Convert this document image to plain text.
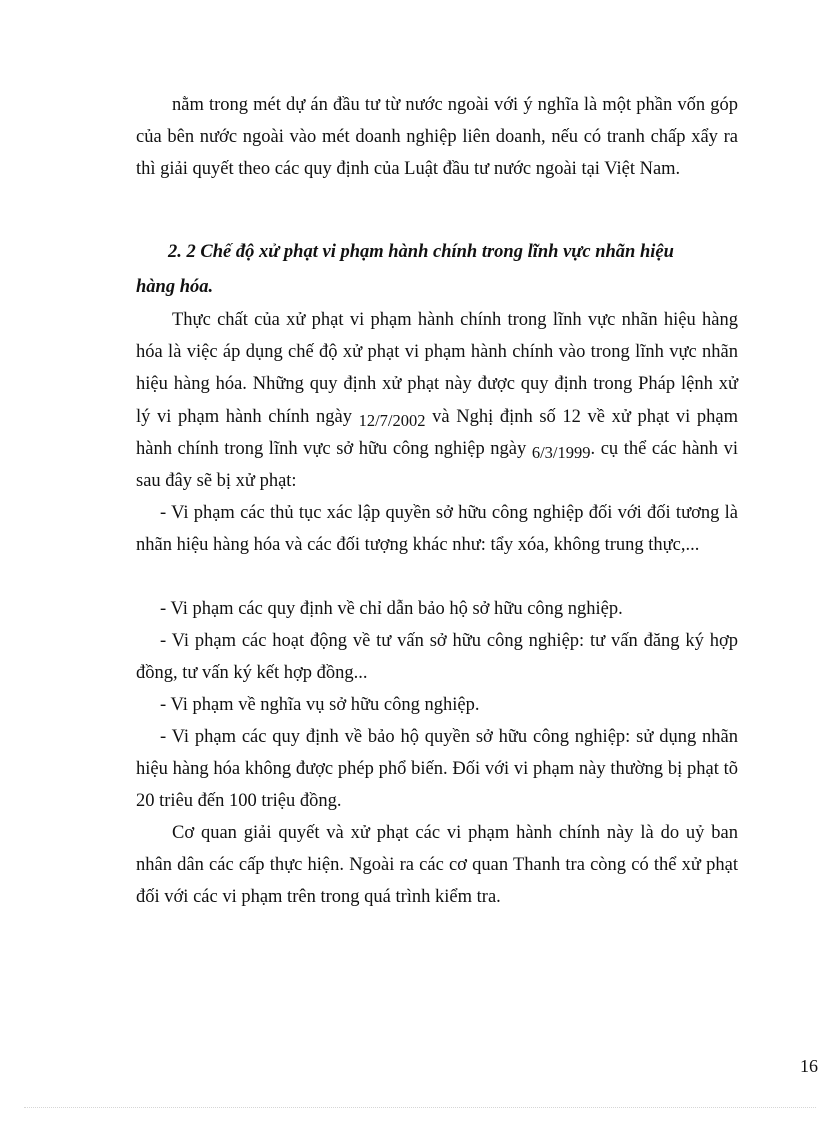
nằm trong mét dự án đầu tư từ nước ngoài với ý nghĩa là một phần vốn góp của bên nước ngoài vào mét doanh nghiệp liên doanh, nếu có tranh chấp xẩy ra thì giải quyết theo các quy định của Luật đầu tư nước ngoài tại Việt Nam.

2. 2 Chế độ xử phạt vi phạm hành chính trong lĩnh vực nhãn hiệu hàng hóa.

Thực chất của xử phạt vi phạm hành chính trong lĩnh vực nhãn hiệu hàng hóa là việc áp dụng chế độ xử phạt vi phạm hành chính vào trong lĩnh vực nhãn hiệu hàng hóa. Những quy định xử phạt này được quy định trong Pháp lệnh xử lý vi phạm hành chính ngày 12/7/2002 và Nghị định số 12 về xử phạt vi phạm hành chính trong lĩnh vực sở hữu công nghiệp ngày 6/3/1999. cụ thể các hành vi sau đây sẽ bị xử phạt:

- Vi phạm các thủ tục xác lập quyền sở hữu công nghiệp đối với đối tương là nhãn hiệu hàng hóa và các đối tượng khác như: tẩy xóa, không trung thực,...

- Vi phạm các quy định về chỉ dẫn bảo hộ sở hữu công nghiệp.

- Vi phạm các hoạt động về tư vấn sở hữu công nghiệp: tư vấn đăng ký hợp đồng, tư vấn ký kết hợp đồng...

- Vi phạm về nghĩa vụ sở hữu công nghiệp.

- Vi phạm các quy định về bảo hộ quyền sở hữu công nghiệp: sử dụng nhãn hiệu hàng hóa không được phép phổ biến. Đối với vi phạm này thường bị phạt tõ 20 triêu đến 100 triệu đồng.

Cơ quan giải quyết và xử phạt các vi phạm hành chính này là do uỷ ban nhân dân các cấp thực hiện. Ngoài ra các cơ quan Thanh tra còng có thể xử phạt đối với các vi phạm trên trong quá trình kiểm tra.

16
